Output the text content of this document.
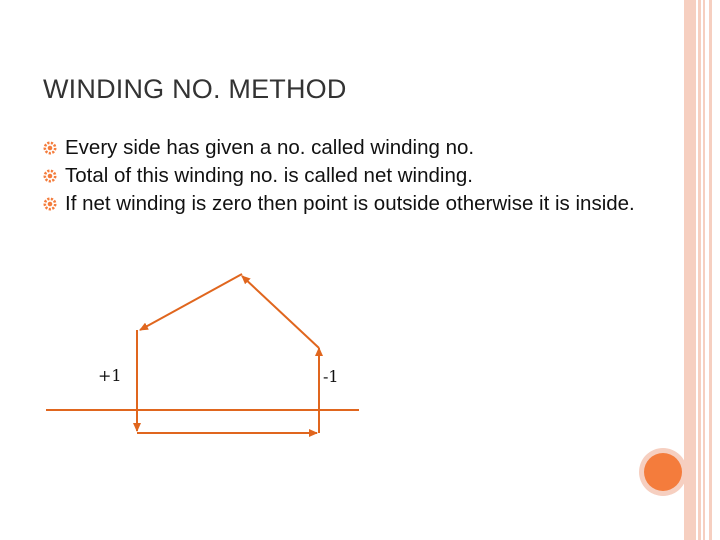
WINDING NO. METHOD
Every side has given a no. called winding no.
Total of this winding no. is called net winding.
If net winding is zero then point is outside otherwise it is inside.
+1	-1
